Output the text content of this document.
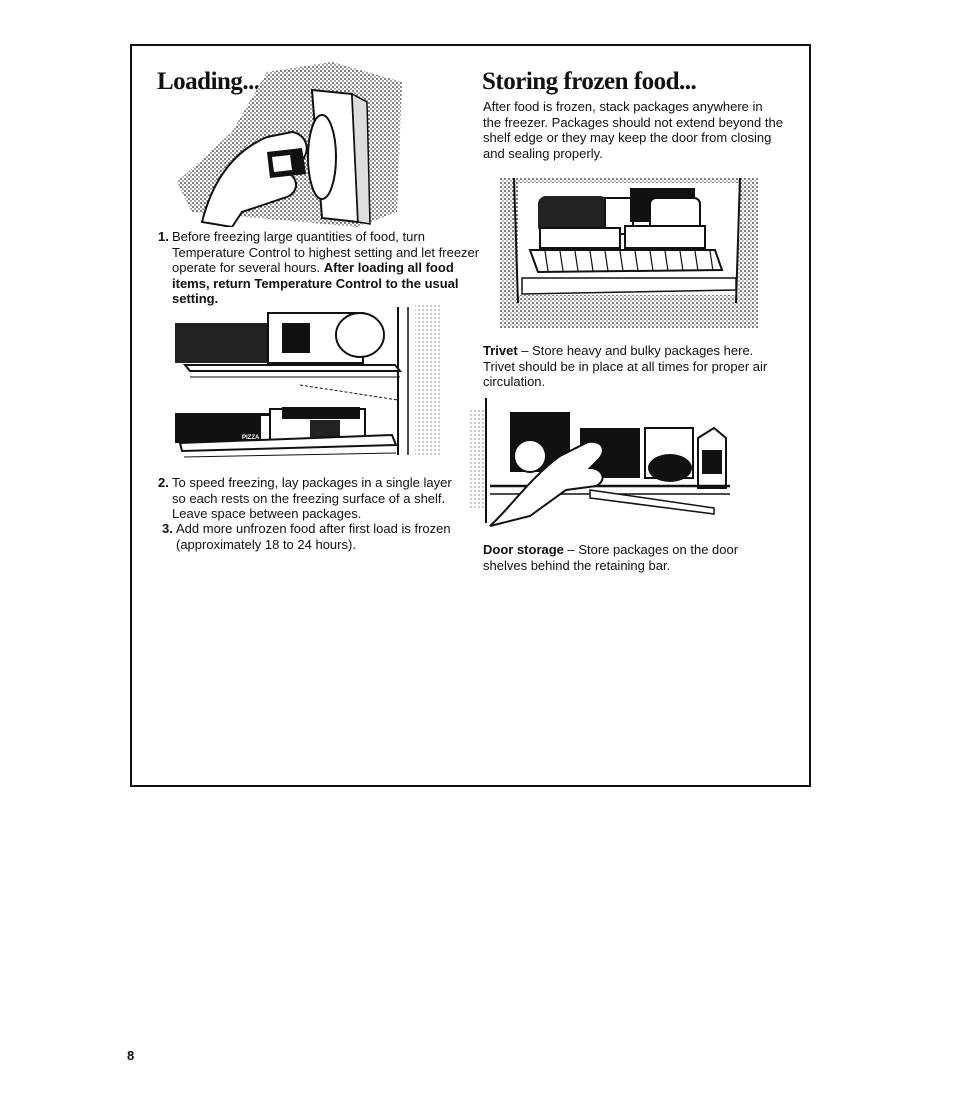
Loading...

1. Before freezing large quantities of food, turn Temperature Control to highest setting and let freezer operate for several hours. After loading all food items, return Temperature Control to the usual setting.

PIZZA

2. To speed freezing, lay packages in a single layer so each rests on the freezing surface of a shelf. Leave space between packages.

3. Add more unfrozen food after first load is frozen (approximately 18 to 24 hours).

Storing frozen food...

After food is frozen, stack packages anywhere in the freezer. Packages should not extend beyond the shelf edge or they may keep the door from closing and sealing properly.

Trivet – Store heavy and bulky packages here. Trivet should be in place at all times for proper air circulation.

Door storage – Store packages on the door shelves behind the retaining bar.

8
